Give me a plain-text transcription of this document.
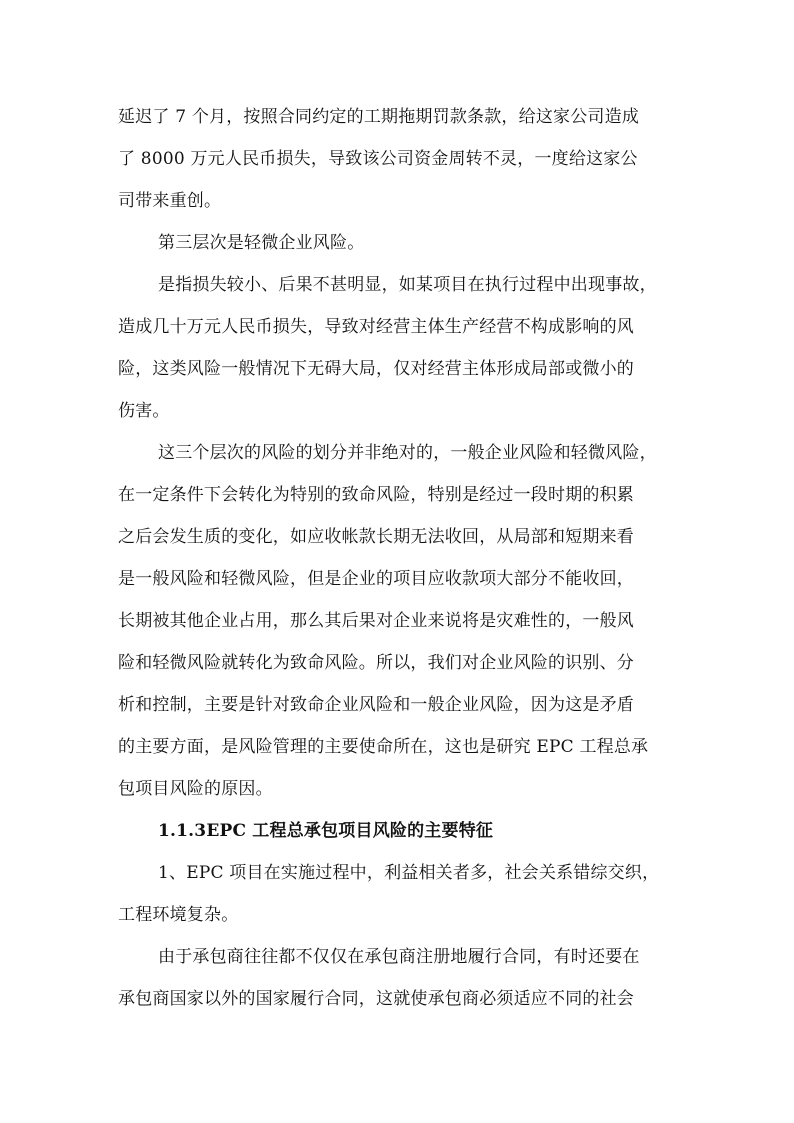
延迟了 7 个月，按照合同约定的工期拖期罚款条款，给这家公司造成
了 8000 万元人民币损失，导致该公司资金周转不灵，一度给这家公
司带来重创。
第三层次是轻微企业风险。
是指损失较小、后果不甚明显，如某项目在执行过程中出现事故，
造成几十万元人民币损失，导致对经营主体生产经营不构成影响的风
险，这类风险一般情况下无碍大局，仅对经营主体形成局部或微小的
伤害。
这三个层次的风险的划分并非绝对的，一般企业风险和轻微风险，
在一定条件下会转化为特别的致命风险，特别是经过一段时期的积累
之后会发生质的变化，如应收帐款长期无法收回，从局部和短期来看
是一般风险和轻微风险，但是企业的项目应收款项大部分不能收回，
长期被其他企业占用，那么其后果对企业来说将是灾难性的，一般风
险和轻微风险就转化为致命风险。所以，我们对企业风险的识别、分
析和控制，主要是针对致命企业风险和一般企业风险，因为这是矛盾
的主要方面，是风险管理的主要使命所在，这也是研究 EPC 工程总承
包项目风险的原因。
1.1.3EPC 工程总承包项目风险的主要特征
1、EPC 项目在实施过程中，利益相关者多，社会关系错综交织，
工程环境复杂。
由于承包商往往都不仅仅在承包商注册地履行合同，有时还要在
承包商国家以外的国家履行合同，这就使承包商必须适应不同的社会
